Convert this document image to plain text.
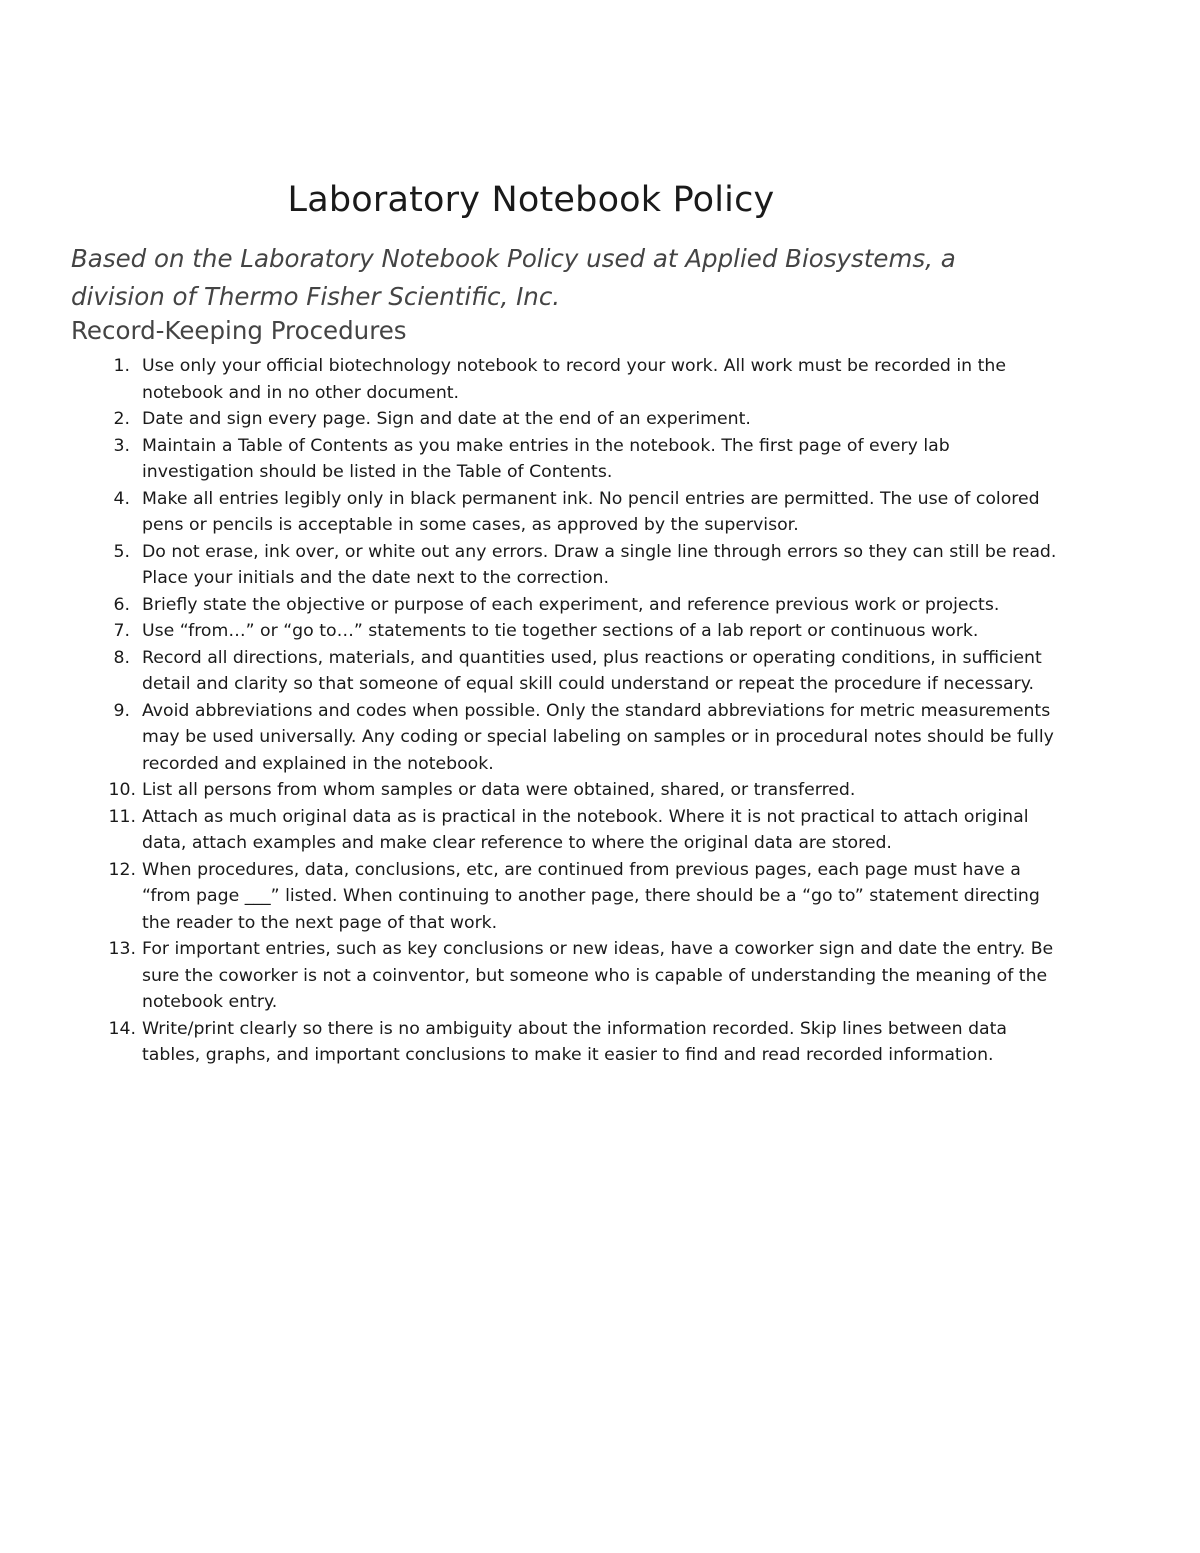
Laboratory Notebook Policy

Based on the Laboratory Notebook Policy used at Applied Biosystems, a division of Thermo Fisher Scientific, Inc.

Record-Keeping Procedures
1. Use only your official biotechnology notebook to record your work. All work must be recorded in the notebook and in no other document.
2. Date and sign every page. Sign and date at the end of an experiment.
3. Maintain a Table of Contents as you make entries in the notebook. The first page of every lab investigation should be listed in the Table of Contents.
4. Make all entries legibly only in black permanent ink. No pencil entries are permitted. The use of colored pens or pencils is acceptable in some cases, as approved by the supervisor.
5. Do not erase, ink over, or white out any errors. Draw a single line through errors so they can still be read. Place your initials and the date next to the correction.
6. Briefly state the objective or purpose of each experiment, and reference previous work or projects.
7. Use “from…” or “go to…” statements to tie together sections of a lab report or continuous work.
8. Record all directions, materials, and quantities used, plus reactions or operating conditions, in sufficient detail and clarity so that someone of equal skill could understand or repeat the procedure if necessary.
9. Avoid abbreviations and codes when possible. Only the standard abbreviations for metric measurements may be used universally. Any coding or special labeling on samples or in procedural notes should be fully recorded and explained in the notebook.
10. List all persons from whom samples or data were obtained, shared, or transferred.
11. Attach as much original data as is practical in the notebook. Where it is not practical to attach original data, attach examples and make clear reference to where the original data are stored.
12. When procedures, data, conclusions, etc, are continued from previous pages, each page must have a “from page ___” listed. When continuing to another page, there should be a “go to” statement directing the reader to the next page of that work.
13. For important entries, such as key conclusions or new ideas, have a coworker sign and date the entry. Be sure the coworker is not a coinventor, but someone who is capable of understanding the meaning of the notebook entry.
14. Write/print clearly so there is no ambiguity about the information recorded. Skip lines between data tables, graphs, and important conclusions to make it easier to find and read recorded information.
